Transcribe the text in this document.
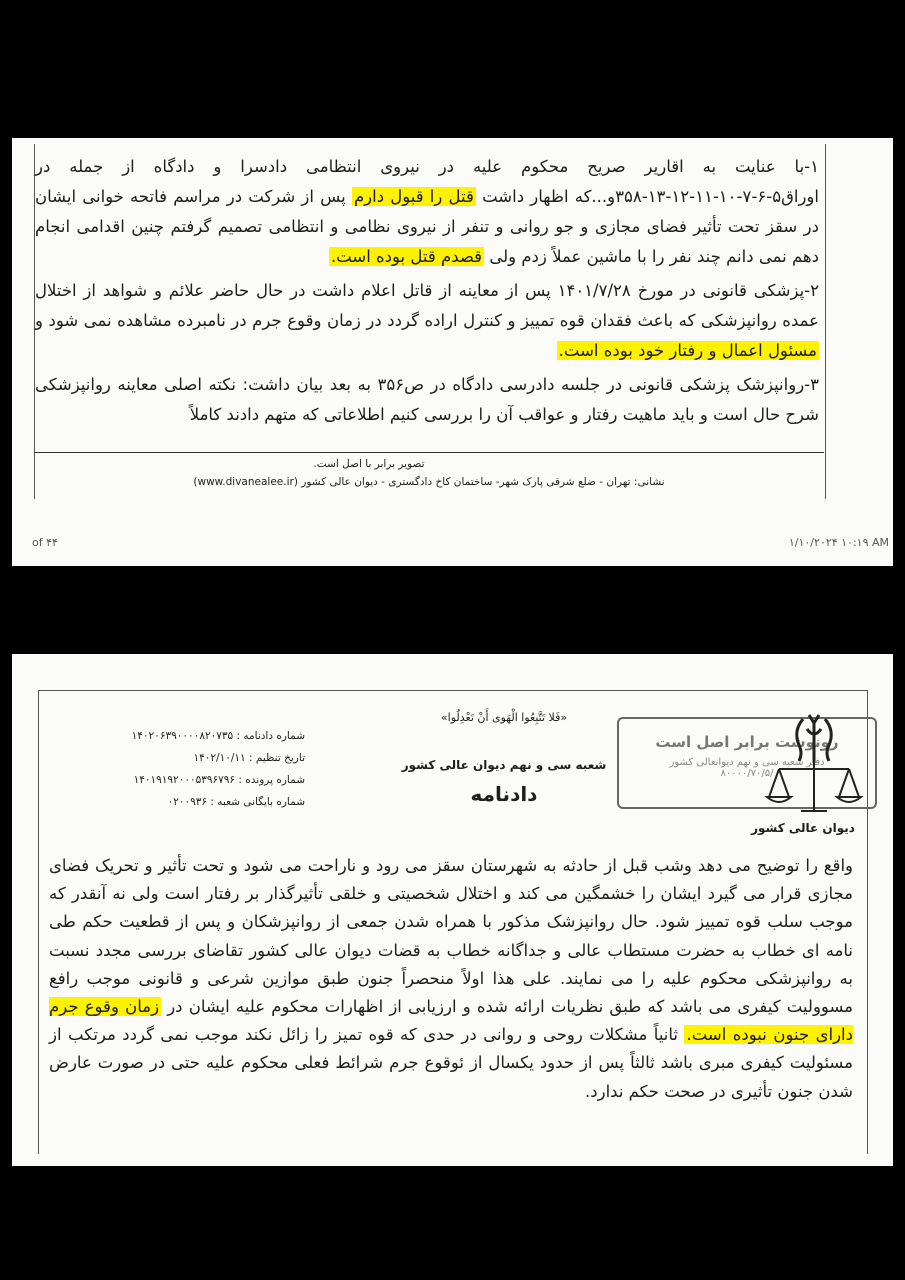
۱-با عنایت به اقاریر صریح محکوم علیه در نیروی انتظامی دادسرا و دادگاه از جمله در اوراق۵-۶-۷-۱۰-۱۱-۱۲-۱۳-۳۵۸و...که اظهار داشت قتل را قبول دارم پس از شرکت در مراسم فاتحه خوانی ایشان در سقز تحت تأثیر فضای مجازی و جو روانی و تنفر از نیروی نظامی و انتظامی تصمیم گرفتم چنین اقدامی انجام دهم نمی دانم چند نفر را با ماشین عملاً زدم ولی قصدم قتل بوده است.

۲-پزشکی قانونی در مورخ ۱۴۰۱/۷/۲۸ پس از معاینه از قاتل اعلام داشت در حال حاضر علائم و شواهد از اختلال عمده روانپزشکی که باعث فقدان قوه تمییز و کنترل اراده گردد در زمان وقوع جرم در نامبرده مشاهده نمی شود و مسئول اعمال و رفتار خود بوده است.

۳-روانپزشک پزشکی قانونی در جلسه دادرسی دادگاه در ص۳۵۶ به بعد بیان داشت: نکته اصلی معاینه روانپزشکی شرح حال است و باید ماهیت رفتار و عواقب آن را بررسی کنیم اطلاعاتی که متهم دادند کاملاً

تصویر برابر با اصل است.

نشانی: تهران - ضلع شرقی پارک شهر- ساختمان کاخ دادگستری - دیوان عالی کشور (www.divanealee.ir)

of ۴۴	۱/۱۰/۲۰۲۴ ۱۰:۱۹ AM
شماره دادنامه : ۱۴۰۲۰۶۳۹۰۰۰۰۸۲۰۷۳۵
تاریخ تنظیم : ۱۴۰۲/۱۰/۱۱
شماره پرونده : ۱۴۰۱۹۱۹۲۰۰۰۵۳۹۶۷۹۶
شماره بایگانی شعبه : ۰۲۰۰۹۳۶

«فَلا تَتَّبِعُوا الْهَوى أَنْ تَعْدِلُوا»

شعبه سی و نهم دیوان عالی کشور

دادنامه

رونوشت برابر اصل است
دفتر شعبه سی و نهم دیوانعالی کشور
/۸۰۰۰۰/۷۰/۵
دیوان عالی کشور

واقع را توضیح می دهد وشب قبل از حادثه به شهرستان سقز می رود و ناراحت می شود و تحت تأثیر و تحریک فضای مجازی قرار می گیرد ایشان را خشمگین می کند و اختلال شخصیتی و خلقی تأثیرگذار بر رفتار است ولی نه آنقدر که موجب سلب قوه تمییز شود. حال روانپزشک مذکور با همراه شدن جمعی از روانپزشکان و پس از قطعیت حکم طی نامه ای خطاب به حضرت مستطاب عالی و جداگانه خطاب به قضات دیوان عالی کشور تقاضای بررسی مجدد نسبت به روانپزشکی محکوم علیه را می نمایند. علی هذا اولاً منحصراً جنون طبق موازین شرعی و قانونی موجب رافع مسوولیت کیفری می باشد که طبق نظریات ارائه شده و ارزیابی از اظهارات محکوم علیه ایشان در زمان وقوع جرم دارای جنون نبوده است. ثانیاً مشکلات روحی و روانی در حدی که قوه تمیز را زائل نکند موجب نمی گردد مرتکب از مسئولیت کیفری مبری باشد ثالثاً پس از حدود یکسال از ئوقوع جرم شرائط فعلی محکوم علیه حتی در صورت عارض شدن جنون تأثیری در صحت حکم ندارد.
